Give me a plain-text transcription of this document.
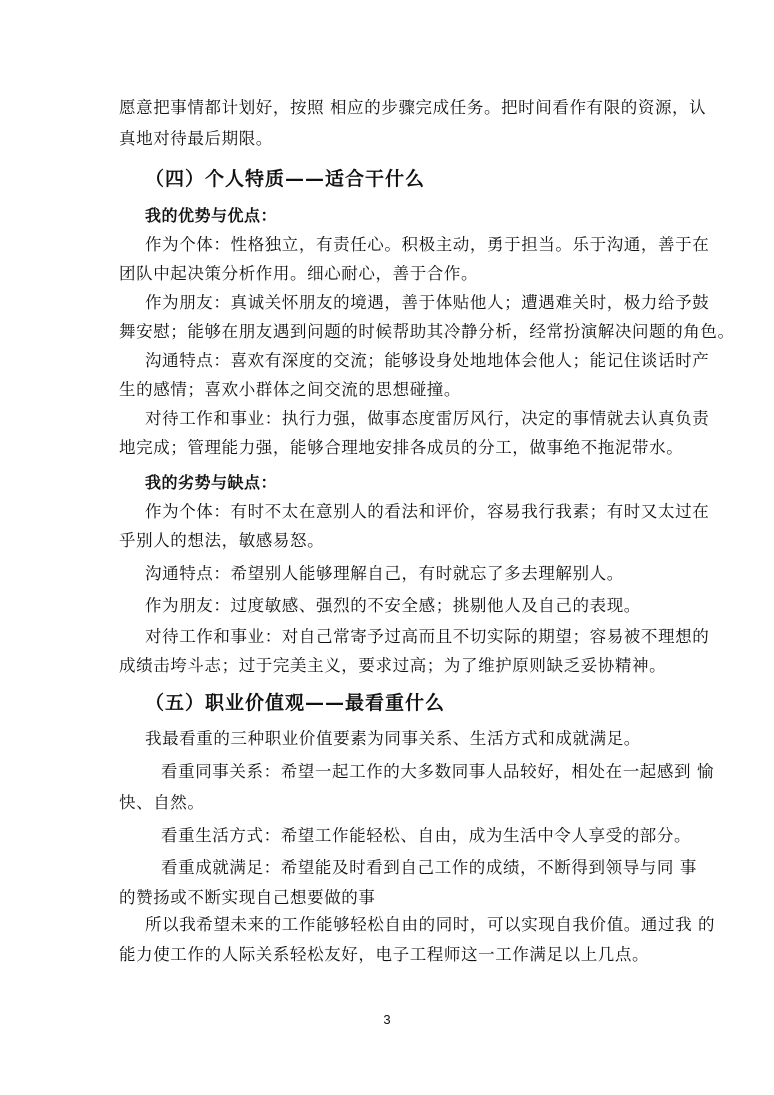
愿意把事情都计划好，按照 相应的步骤完成任务。把时间看作有限的资源，认
真地对待最后期限。
（四）个人特质——适合干什么
我的优势与优点：
作为个体：性格独立，有责任心。积极主动，勇于担当。乐于沟通，善于在
团队中起决策分析作用。细心耐心，善于合作。
作为朋友：真诚关怀朋友的境遇，善于体贴他人；遭遇难关时，极力给予鼓
舞安慰；能够在朋友遇到问题的时候帮助其冷静分析，经常扮演解决问题的角色。
沟通特点：喜欢有深度的交流；能够设身处地地体会他人；能记住谈话时产
生的感情；喜欢小群体之间交流的思想碰撞。
对待工作和事业：执行力强，做事态度雷厉风行，决定的事情就去认真负责
地完成；管理能力强，能够合理地安排各成员的分工，做事绝不拖泥带水。
我的劣势与缺点：
作为个体：有时不太在意别人的看法和评价，容易我行我素；有时又太过在
乎别人的想法，敏感易怒。
沟通特点：希望别人能够理解自己，有时就忘了多去理解别人。
作为朋友：过度敏感、强烈的不安全感；挑剔他人及自己的表现。
对待工作和事业：对自己常寄予过高而且不切实际的期望；容易被不理想的
成绩击垮斗志；过于完美主义，要求过高；为了维护原则缺乏妥协精神。
（五）职业价值观——最看重什么
我最看重的三种职业价值要素为同事关系、生活方式和成就满足。
看重同事关系：希望一起工作的大多数同事人品较好，相处在一起感到 愉
快、自然。
看重生活方式：希望工作能轻松、自由，成为生活中令人享受的部分。
看重成就满足：希望能及时看到自己工作的成绩，不断得到领导与同 事
的赞扬或不断实现自己想要做的事
所以我希望未来的工作能够轻松自由的同时，可以实现自我价值。通过我 的
能力使工作的人际关系轻松友好，电子工程师这一工作满足以上几点。
3
